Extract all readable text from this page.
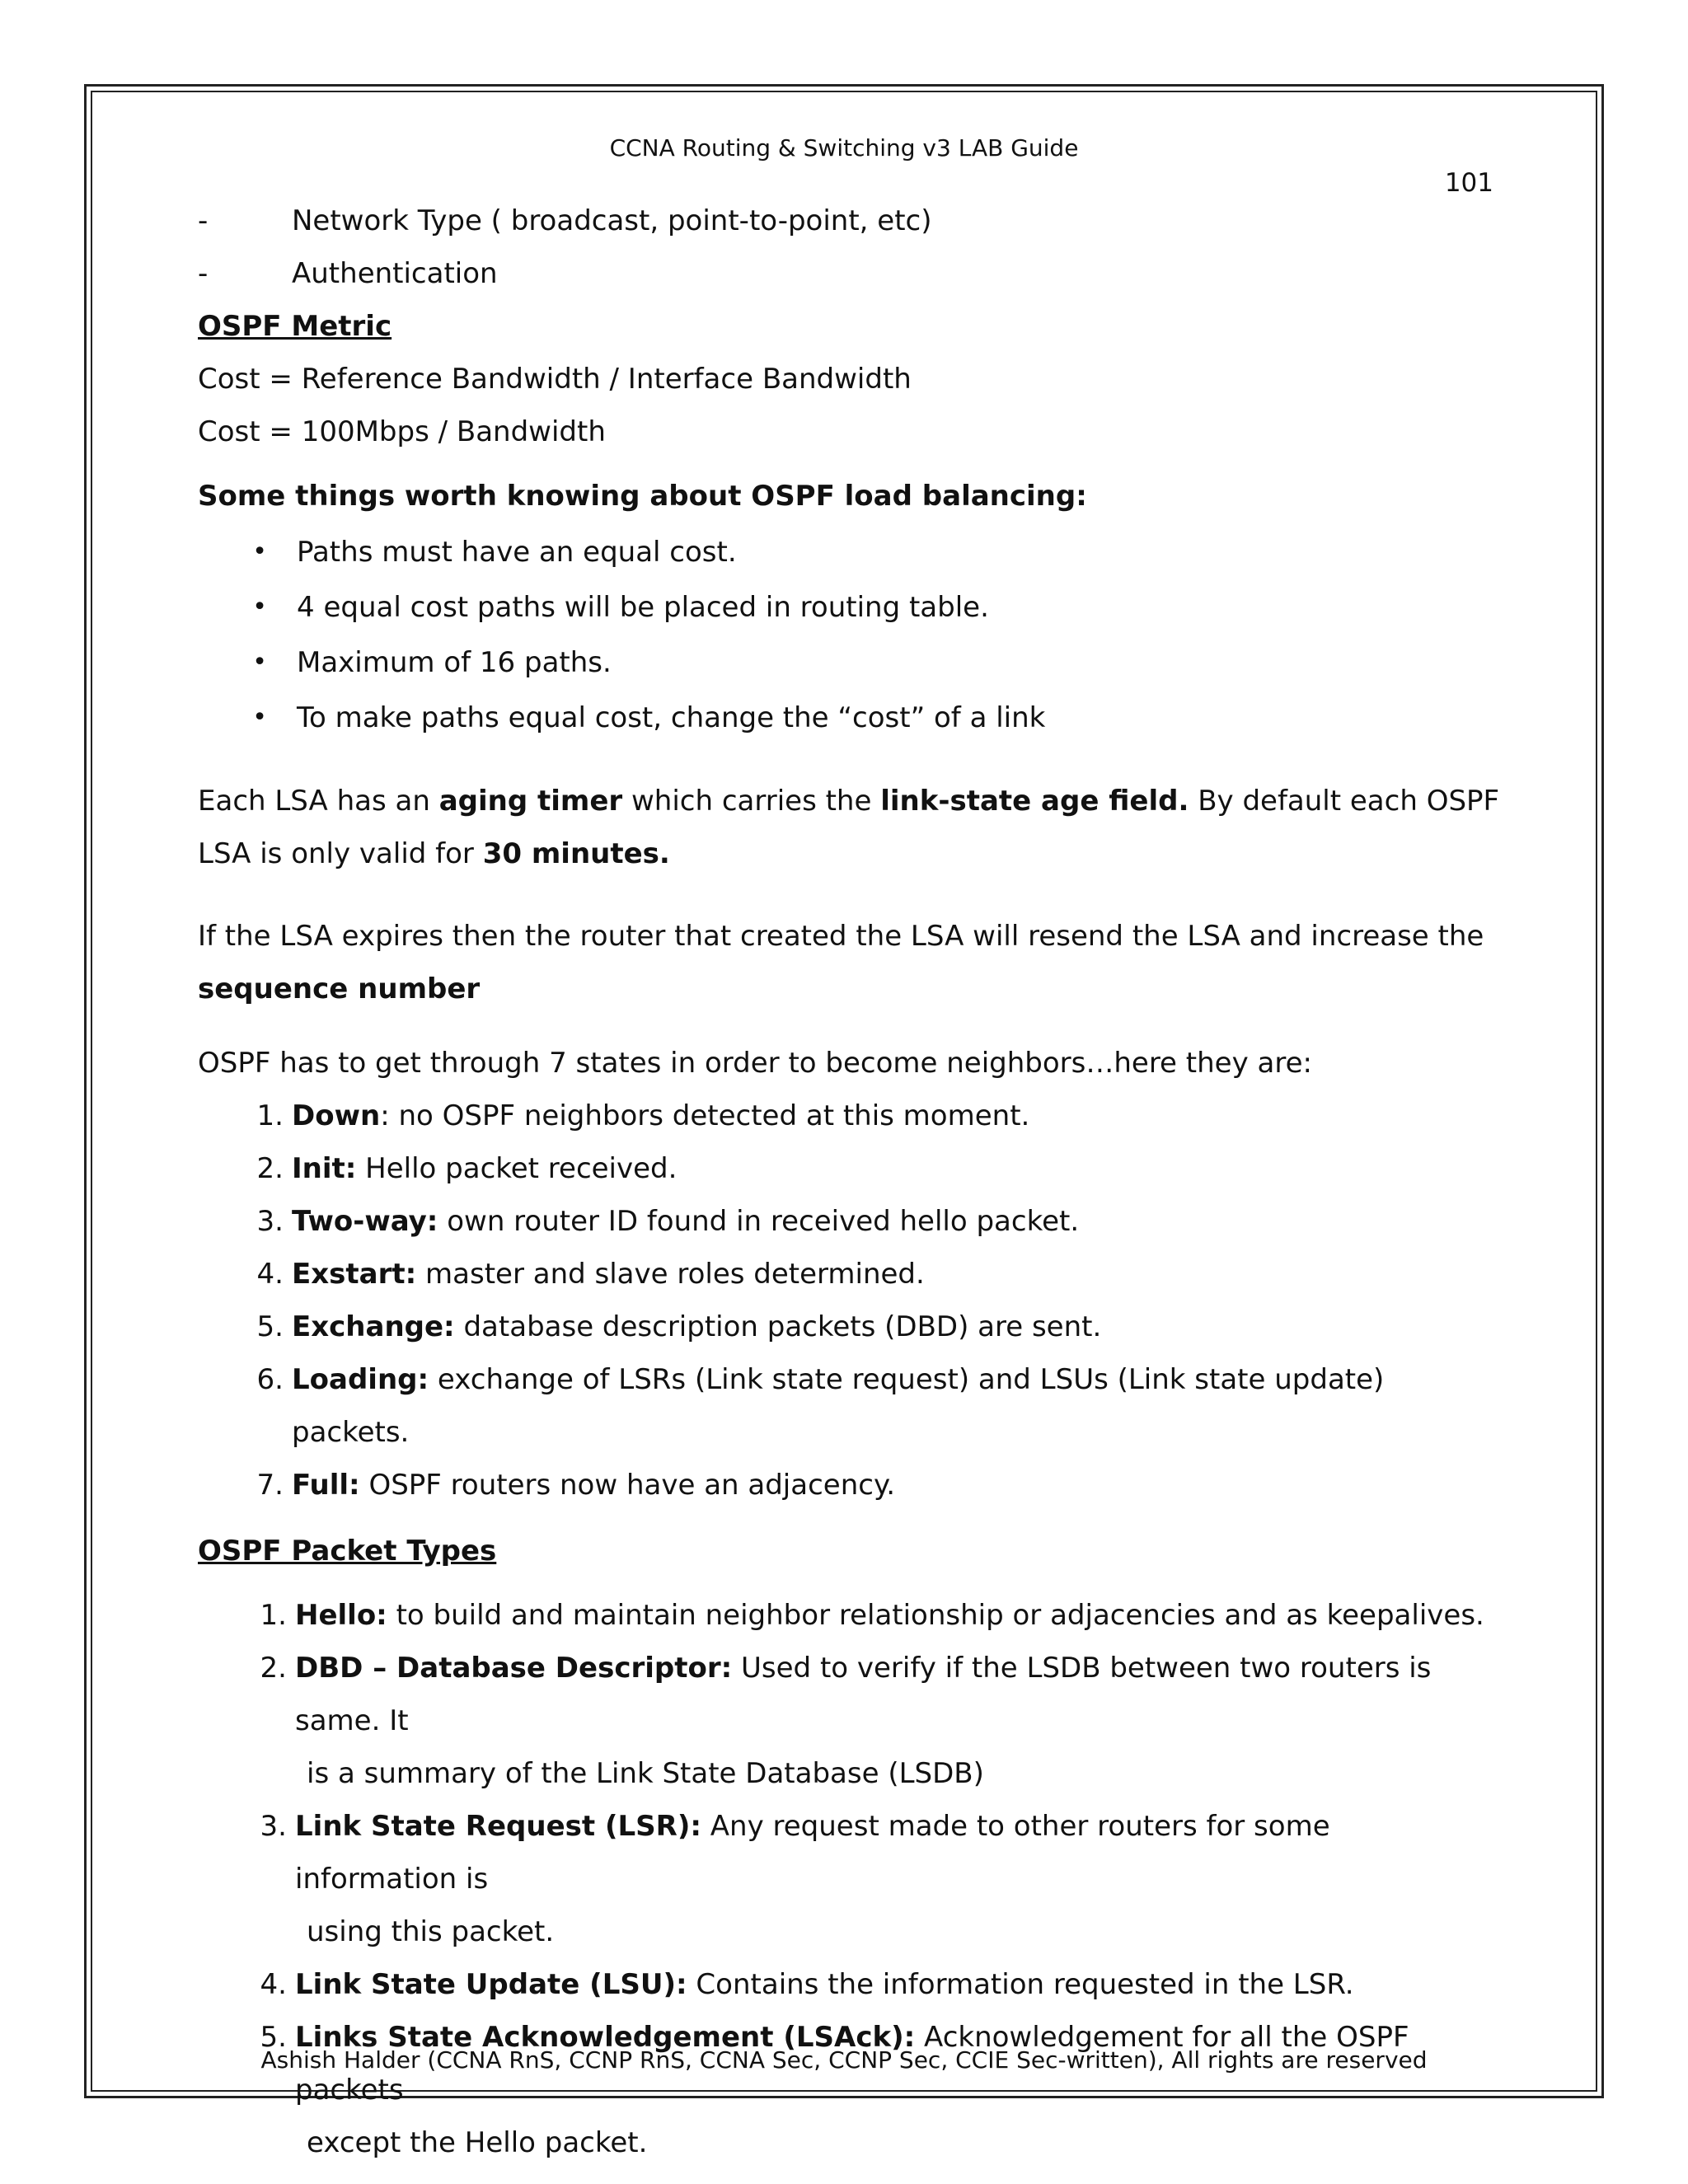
CCNA Routing & Switching v3 LAB Guide
101
-	Network Type ( broadcast, point-to-point, etc)
-	Authentication

OSPF Metric

Cost = Reference Bandwidth / Interface Bandwidth

Cost = 100Mbps / Bandwidth

Some things worth knowing about OSPF load balancing:

•	Paths must have an equal cost.
•	4 equal cost paths will be placed in routing table.
•	Maximum of 16 paths.
•	To make paths equal cost, change the “cost” of a link

Each LSA has an aging timer which carries the link-state age field. By default each OSPF LSA is only valid for 30 minutes.

If the LSA expires then the router that created the LSA will resend the LSA and increase the sequence number

OSPF has to get through 7 states in order to become neighbors…here they are:

1. Down: no OSPF neighbors detected at this moment.
2. Init: Hello packet received.
3. Two-way: own router ID found in received hello packet.
4. Exstart: master and slave roles determined.
5. Exchange: database description packets (DBD) are sent.
6. Loading: exchange of LSRs (Link state request) and LSUs (Link state update) packets.
7. Full: OSPF routers now have an adjacency.

OSPF Packet Types

1. Hello: to build and maintain neighbor relationship or adjacencies and as keepalives.
2. DBD – Database Descriptor: Used to verify if the LSDB between two routers is same. It
is a summary of the Link State Database (LSDB)
3. Link State Request (LSR): Any request made to other routers for some information is
using this packet.
4. Link State Update (LSU): Contains the information requested in the LSR.
5. Links State Acknowledgement (LSAck): Acknowledgement for all the OSPF packets
except the Hello packet.
Ashish Halder (CCNA RnS, CCNP RnS, CCNA Sec, CCNP Sec, CCIE Sec-written), All rights are reserved
